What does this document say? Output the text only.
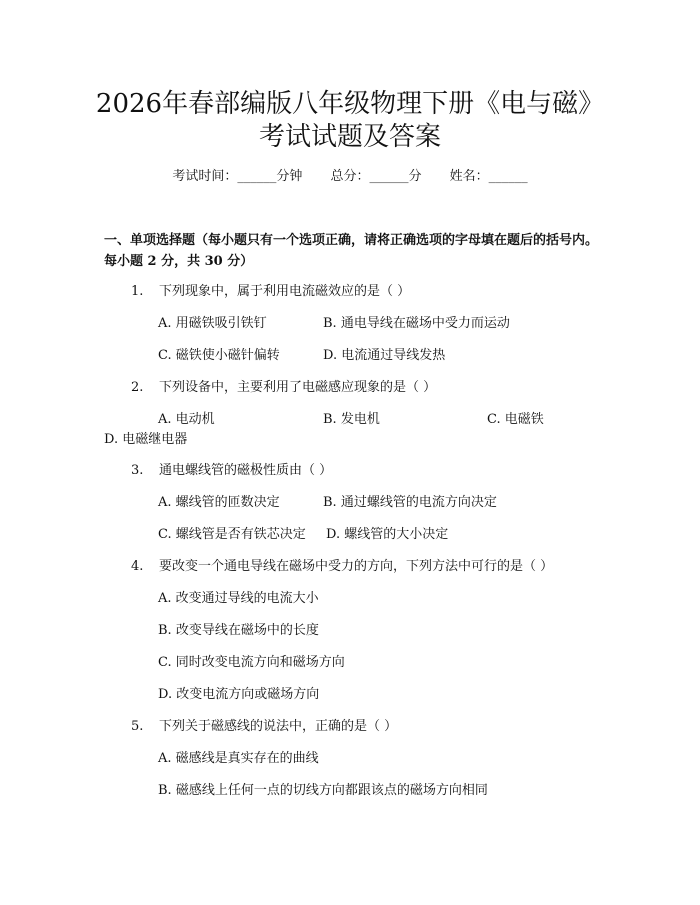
2026年春部编版八年级物理下册《电与磁》
考试试题及答案
考试时间：______分钟 总分：______分 姓名：______

一、单项选择题（每小题只有一个选项正确，请将正确选项的字母填在题后的括号内。每小题 2 分，共 30 分）

1. 下列现象中，属于利用电流磁效应的是（ ）
A. 用磁铁吸引铁钉	B. 通电导线在磁场中受力而运动
C. 磁铁使小磁针偏转	D. 电流通过导线发热
2. 下列设备中，主要利用了电磁感应现象的是（ ）
A. 电动机	B. 发电机	C. 电磁铁
D. 电磁继电器
3. 通电螺线管的磁极性质由（ ）
A. 螺线管的匝数决定	B. 通过螺线管的电流方向决定
C. 螺线管是否有铁芯决定 D. 螺线管的大小决定
4. 要改变一个通电导线在磁场中受力的方向，下列方法中可行的是（ ）
A. 改变通过导线的电流大小
B. 改变导线在磁场中的长度
C. 同时改变电流方向和磁场方向
D. 改变电流方向或磁场方向
5. 下列关于磁感线的说法中，正确的是（ ）
A. 磁感线是真实存在的曲线
B. 磁感线上任何一点的切线方向都跟该点的磁场方向相同
